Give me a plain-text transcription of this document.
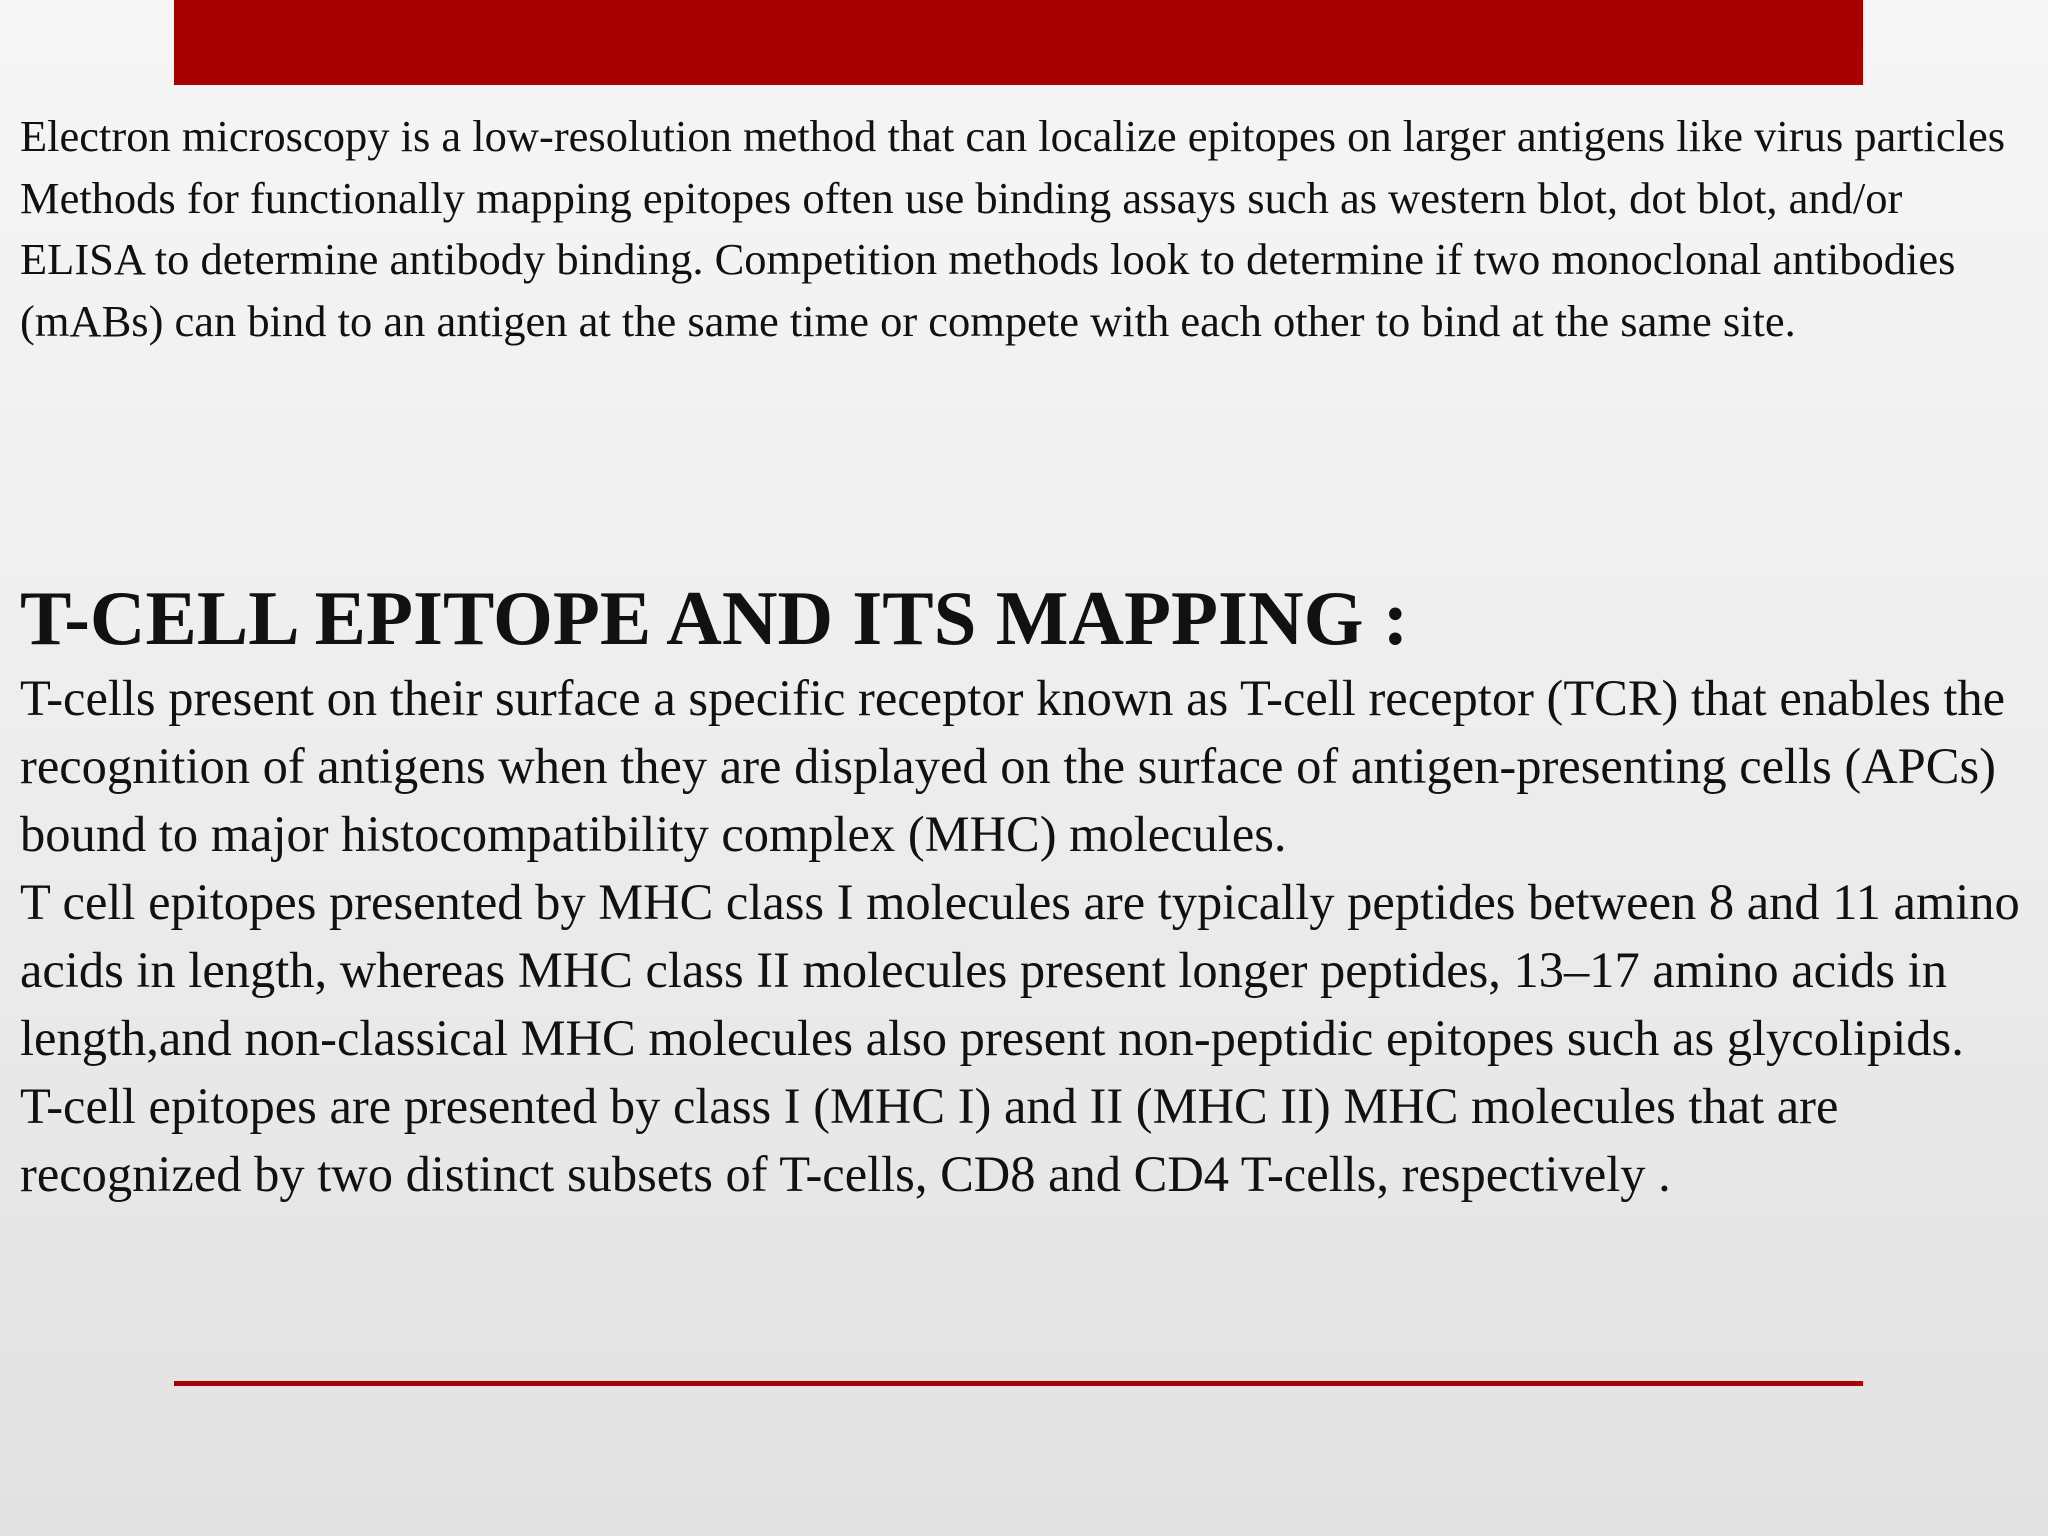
Electron microscopy is a low-resolution method that can localize epitopes on larger antigens like virus particles

Methods for functionally mapping epitopes often use binding assays such as western blot, dot blot, and/or ELISA to determine antibody binding. Competition methods look to determine if two monoclonal antibodies (mABs) can bind to an antigen at the same time or compete with each other to bind at the same site.

T-CELL EPITOPE AND ITS MAPPING :

T-cells present on their surface a specific receptor known as T-cell receptor (TCR) that enables the recognition of antigens when they are displayed on the surface of antigen-presenting cells (APCs) bound to major histocompatibility complex (MHC) molecules.

T cell epitopes presented by MHC class I molecules are typically peptides between 8 and 11 amino acids in length, whereas MHC class II molecules present longer peptides, 13–17 amino acids in length,and non-classical MHC molecules also present non-peptidic epitopes such as glycolipids.

T-cell epitopes are presented by class I (MHC I) and II (MHC II) MHC molecules that are recognized by two distinct subsets of T-cells, CD8 and CD4 T-cells, respectively .
